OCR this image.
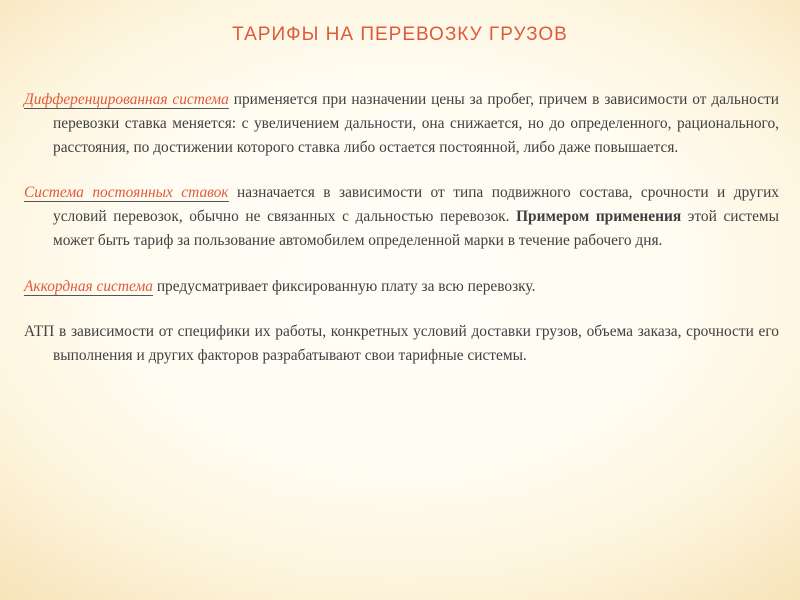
ТАРИФЫ НА ПЕРЕВОЗКУ ГРУЗОВ

Дифференцированная система применяется при назначении цены за пробег, причем в зависимости от дальности перевозки ставка меняется: с увеличением дальности, она снижается, но до определенного, рационального, расстояния, по достижении которого ставка либо остается постоянной, либо даже повышается.

Система постоянных ставок назначается в зависимости от типа подвижного состава, срочности и других условий перевозок, обычно не связанных с дальностью перевозок. Примером применения этой системы может быть тариф за пользование автомобилем определенной марки в течение рабочего дня.

Аккордная система предусматривает фиксированную плату за всю перевозку.

АТП в зависимости от специфики их работы, конкретных условий доставки грузов, объема заказа, срочности его выполнения и других факторов разрабатывают свои тарифные системы.
